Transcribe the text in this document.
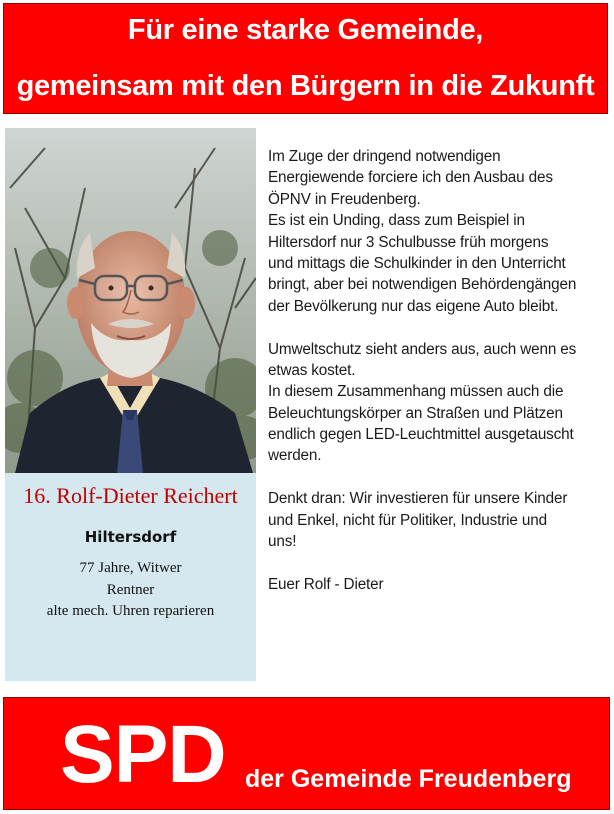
Für eine starke Gemeinde,
gemeinsam mit den Bürgern in die Zukunft
16. Rolf-Dieter Reichert
Hiltersdorf
77 Jahre, Witwer
Rentner
alte mech. Uhren reparieren
Im Zuge der dringend notwendigen
Energiewende forciere ich den Ausbau des
ÖPNV in Freudenberg.
Es ist ein Unding, dass zum Beispiel in
Hiltersdorf nur 3 Schulbusse früh morgens
und mittags die Schulkinder in den Unterricht
bringt, aber bei notwendigen Behördengängen
der Bevölkerung nur das eigene Auto bleibt.
Umweltschutz sieht anders aus, auch wenn es
etwas kostet.
In diesem Zusammenhang müssen auch die
Beleuchtungskörper an Straßen und Plätzen
endlich gegen LED-Leuchtmittel ausgetauscht
werden.
Denkt dran: Wir investieren für unsere Kinder
und Enkel, nicht für Politiker, Industrie und
uns!
Euer Rolf - Dieter
SPD der Gemeinde Freudenberg
